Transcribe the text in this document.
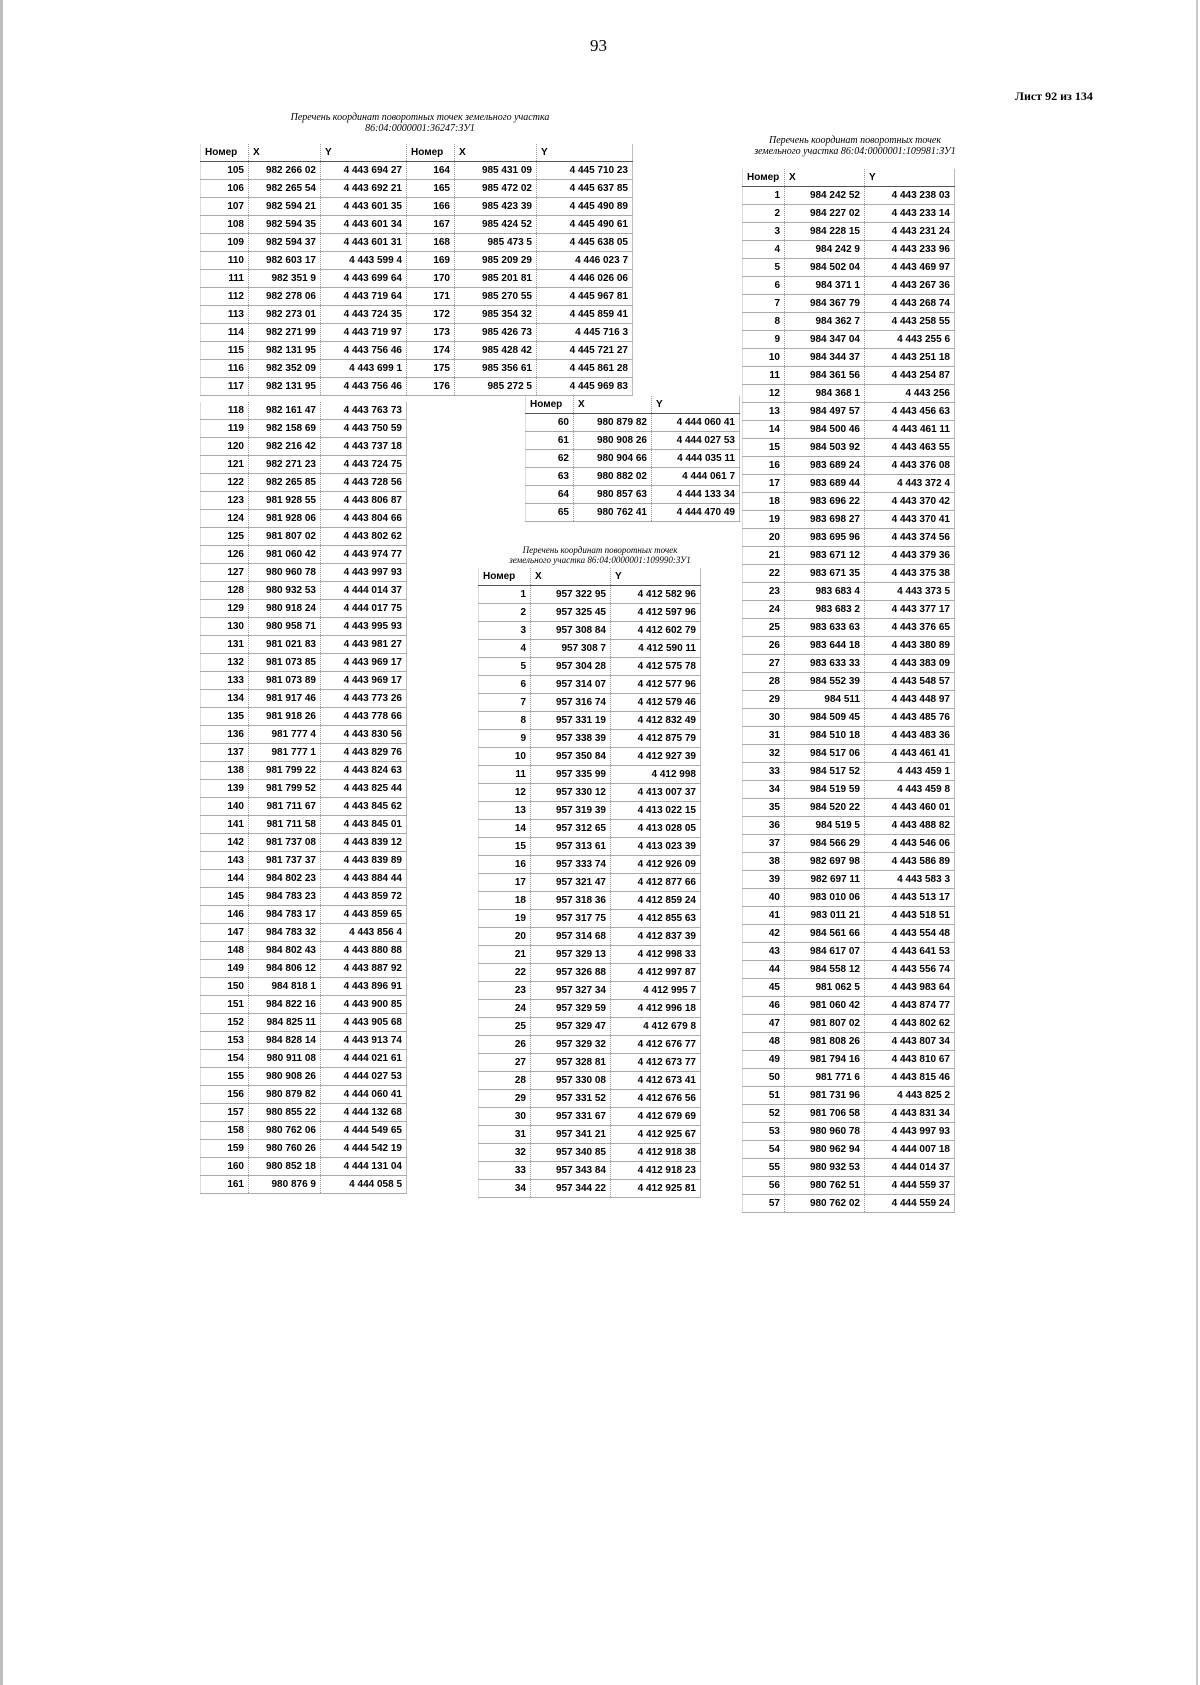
93
Лист 92 из 134
Перечень координат поворотных точек земельного участка
86:04:0000001:36247:ЗУ1
Номер	X	Y	Номер	X	Y
105	982 266 02	4 443 694 27	164	985 431 09	4 445 710 23
106	982 265 54	4 443 692 21	165	985 472 02	4 445 637 85
107	982 594 21	4 443 601 35	166	985 423 39	4 445 490 89
108	982 594 35	4 443 601 34	167	985 424 52	4 445 490 61
109	982 594 37	4 443 601 31	168	985 473 5	4 445 638 05
110	982 603 17	4 443 599 4	169	985 209 29	4 446 023 7
111	982 351 9	4 443 699 64	170	985 201 81	4 446 026 06
112	982 278 06	4 443 719 64	171	985 270 55	4 445 967 81
113	982 273 01	4 443 724 35	172	985 354 32	4 445 859 41
114	982 271 99	4 443 719 97	173	985 426 73	4 445 716 3
115	982 131 95	4 443 756 46	174	985 428 42	4 445 721 27
116	982 352 09	4 443 699 1	175	985 356 61	4 445 861 28
117	982 131 95	4 443 756 46	176	985 272 5	4 445 969 83
118	982 161 47	4 443 763 73
119	982 158 69	4 443 750 59
120	982 216 42	4 443 737 18
121	982 271 23	4 443 724 75
122	982 265 85	4 443 728 56
123	981 928 55	4 443 806 87
124	981 928 06	4 443 804 66
125	981 807 02	4 443 802 62
126	981 060 42	4 443 974 77
127	980 960 78	4 443 997 93
128	980 932 53	4 444 014 37
129	980 918 24	4 444 017 75
130	980 958 71	4 443 995 93
131	981 021 83	4 443 981 27
132	981 073 85	4 443 969 17
133	981 073 89	4 443 969 17
134	981 917 46	4 443 773 26
135	981 918 26	4 443 778 66
136	981 777 4	4 443 830 56
137	981 777 1	4 443 829 76
138	981 799 22	4 443 824 63
139	981 799 52	4 443 825 44
140	981 711 67	4 443 845 62
141	981 711 58	4 443 845 01
142	981 737 08	4 443 839 12
143	981 737 37	4 443 839 89
144	984 802 23	4 443 884 44
145	984 783 23	4 443 859 72
146	984 783 17	4 443 859 65
147	984 783 32	4 443 856 4
148	984 802 43	4 443 880 88
149	984 806 12	4 443 887 92
150	984 818 1	4 443 896 91
151	984 822 16	4 443 900 85
152	984 825 11	4 443 905 68
153	984 828 14	4 443 913 74
154	980 911 08	4 444 021 61
155	980 908 26	4 444 027 53
156	980 879 82	4 444 060 41
157	980 855 22	4 444 132 68
158	980 762 06	4 444 549 65
159	980 760 26	4 444 542 19
160	980 852 18	4 444 131 04
161	980 876 9	4 444 058 5
Номер	X	Y
60	980 879 82	4 444 060 41
61	980 908 26	4 444 027 53
62	980 904 66	4 444 035 11
63	980 882 02	4 444 061 7
64	980 857 63	4 444 133 34
65	980 762 41	4 444 470 49
Перечень координат поворотных точек
земельного участка 86:04:0000001:109990:ЗУ1
Номер	X	Y
1	957 322 95	4 412 582 96
2	957 325 45	4 412 597 96
3	957 308 84	4 412 602 79
4	957 308 7	4 412 590 11
5	957 304 28	4 412 575 78
6	957 314 07	4 412 577 96
7	957 316 74	4 412 579 46
8	957 331 19	4 412 832 49
9	957 338 39	4 412 875 79
10	957 350 84	4 412 927 39
11	957 335 99	4 412 998
12	957 330 12	4 413 007 37
13	957 319 39	4 413 022 15
14	957 312 65	4 413 028 05
15	957 313 61	4 413 023 39
16	957 333 74	4 412 926 09
17	957 321 47	4 412 877 66
18	957 318 36	4 412 859 24
19	957 317 75	4 412 855 63
20	957 314 68	4 412 837 39
21	957 329 13	4 412 998 33
22	957 326 88	4 412 997 87
23	957 327 34	4 412 995 7
24	957 329 59	4 412 996 18
25	957 329 47	4 412 679 8
26	957 329 32	4 412 676 77
27	957 328 81	4 412 673 77
28	957 330 08	4 412 673 41
29	957 331 52	4 412 676 56
30	957 331 67	4 412 679 69
31	957 341 21	4 412 925 67
32	957 340 85	4 412 918 38
33	957 343 84	4 412 918 23
34	957 344 22	4 412 925 81
Перечень координат поворотных точек
земельного участка 86:04:0000001:109981:ЗУ1
Номер	X	Y
1	984 242 52	4 443 238 03
2	984 227 02	4 443 233 14
3	984 228 15	4 443 231 24
4	984 242 9	4 443 233 96
5	984 502 04	4 443 469 97
6	984 371 1	4 443 267 36
7	984 367 79	4 443 268 74
8	984 362 7	4 443 258 55
9	984 347 04	4 443 255 6
10	984 344 37	4 443 251 18
11	984 361 56	4 443 254 87
12	984 368 1	4 443 256
13	984 497 57	4 443 456 63
14	984 500 46	4 443 461 11
15	984 503 92	4 443 463 55
16	983 689 24	4 443 376 08
17	983 689 44	4 443 372 4
18	983 696 22	4 443 370 42
19	983 698 27	4 443 370 41
20	983 695 96	4 443 374 56
21	983 671 12	4 443 379 36
22	983 671 35	4 443 375 38
23	983 683 4	4 443 373 5
24	983 683 2	4 443 377 17
25	983 633 63	4 443 376 65
26	983 644 18	4 443 380 89
27	983 633 33	4 443 383 09
28	984 552 39	4 443 548 57
29	984 511	4 443 448 97
30	984 509 45	4 443 485 76
31	984 510 18	4 443 483 36
32	984 517 06	4 443 461 41
33	984 517 52	4 443 459 1
34	984 519 59	4 443 459 8
35	984 520 22	4 443 460 01
36	984 519 5	4 443 488 82
37	984 566 29	4 443 546 06
38	982 697 98	4 443 586 89
39	982 697 11	4 443 583 3
40	983 010 06	4 443 513 17
41	983 011 21	4 443 518 51
42	984 561 66	4 443 554 48
43	984 617 07	4 443 641 53
44	984 558 12	4 443 556 74
45	981 062 5	4 443 983 64
46	981 060 42	4 443 874 77
47	981 807 02	4 443 802 62
48	981 808 26	4 443 807 34
49	981 794 16	4 443 810 67
50	981 771 6	4 443 815 46
51	981 731 96	4 443 825 2
52	981 706 58	4 443 831 34
53	980 960 78	4 443 997 93
54	980 962 94	4 444 007 18
55	980 932 53	4 444 014 37
56	980 762 51	4 444 559 37
57	980 762 02	4 444 559 24
